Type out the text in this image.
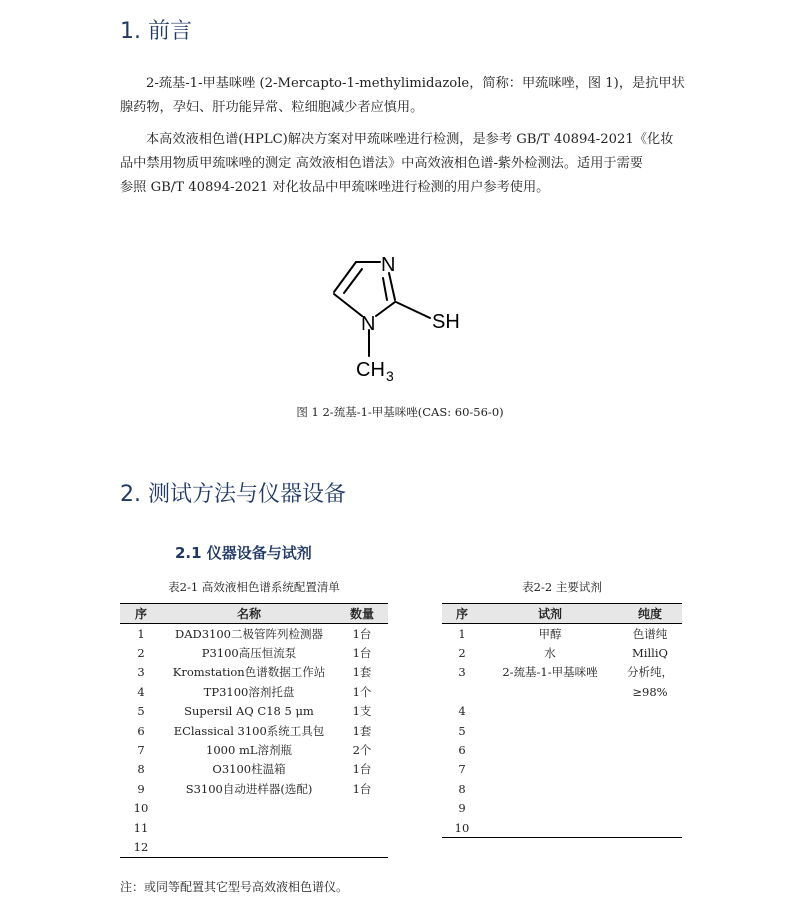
1. 前言

2-巯基-1-甲基咪唑 (2-Mercapto-1-methylimidazole，简称：甲巯咪唑，图 1)，是抗甲状
腺药物，孕妇、肝功能异常、粒细胞减少者应慎用。

本高效液相色谱(HPLC)解决方案对甲巯咪唑进行检测，是参考 GB/T 40894-2021《化妆
品中禁用物质甲巯咪唑的测定 高效液相色谱法》中高效液相色谱-紫外检测法。适用于需要
参照 GB/T 40894-2021 对化妆品中甲巯咪唑进行检测的用户参考使用。

N
N	SH
CH 3
图 1 2-巯基-1-甲基咪唑(CAS: 60-56-0)
2. 测试方法与仪器设备
2.1 仪器设备与试剂
表2-1 高效液相色谱系统配置清单	表2-2 主要试剂
序	名称	数量
1	DAD3100二极管阵列检测器	1台
2	P3100高压恒流泵	1台
3	Kromstation色谱数据工作站	1套
4	TP3100溶剂托盘	1个
5	Supersil AQ C18 5 μm	1支
6	EClassical 3100系统工具包	1套
7	1000 mL溶剂瓶	2个
8	O3100柱温箱	1台
9	S3100自动进样器(选配)	1台
10		
11		
12		
序	试剂	纯度
1	甲醇	色谱纯
2	水	MilliQ
3	2-巯基-1-甲基咪唑	分析纯，
		≥98%
4		
5		
6		
7		
8		
9		
10		
注：或同等配置其它型号高效液相色谱仪。
